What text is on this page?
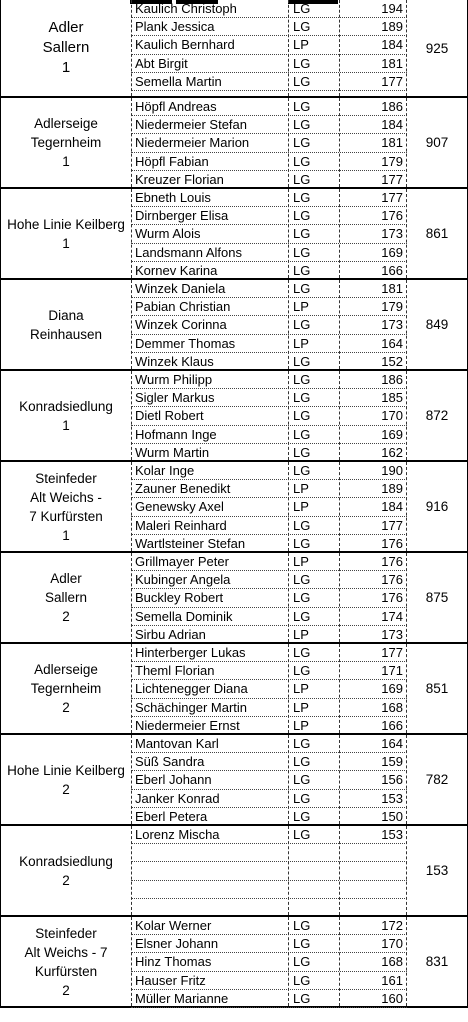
Adler
Sallern
1
Kaulich Christoph	LG	194
Plank Jessica	LG	189
Kaulich Bernhard	LP	184
Abt Birgit	LG	181
Semella Martin	LG	177
925
Adlerseige
Tegernheim
1
Höpfl Andreas	LG	186
Niedermeier Stefan	LG	184
Niedermeier Marion	LG	181
Höpfl Fabian	LG	179
Kreuzer Florian	LG	177
907
Hohe Linie Keilberg
1
Ebneth Louis	LG	177
Dirnberger Elisa	LG	176
Wurm Alois	LG	173
Landsmann Alfons	LG	169
Kornev Karina	LG	166
861
Diana
Reinhausen
Winzek Daniela	LG	181
Pabian Christian	LP	179
Winzek Corinna	LG	173
Demmer Thomas	LP	164
Winzek Klaus	LG	152
849
Konradsiedlung
1
Wurm Philipp	LG	186
Sigler Markus	LG	185
Dietl Robert	LG	170
Hofmann Inge	LG	169
Wurm Martin	LG	162
872
Steinfeder
Alt Weichs -
7 Kurfürsten
1
Kolar Inge	LG	190
Zauner Benedikt	LP	189
Genewsky Axel	LP	184
Maleri Reinhard	LG	177
Wartlsteiner Stefan	LG	176
916
Adler
Sallern
2
Grillmayer Peter	LP	176
Kubinger Angela	LG	176
Buckley Robert	LG	176
Semella Dominik	LG	174
Sirbu Adrian	LP	173
875
Adlerseige
Tegernheim
2
Hinterberger Lukas	LG	177
Theml Florian	LG	171
Lichtenegger Diana	LP	169
Schächinger Martin	LP	168
Niedermeier Ernst	LP	166
851
Hohe Linie Keilberg
2
Mantovan Karl	LG	164
Süß Sandra	LG	159
Eberl Johann	LG	156
Janker Konrad	LG	153
Eberl Petera	LG	150
782
Konradsiedlung
2
Lorenz Mischa	LG	153
153
Steinfeder
Alt Weichs - 7
Kurfürsten
2
Kolar Werner	LG	172
Elsner Johann	LG	170
Hinz Thomas	LG	168
Hauser Fritz	LG	161
Müller Marianne	LG	160
831
